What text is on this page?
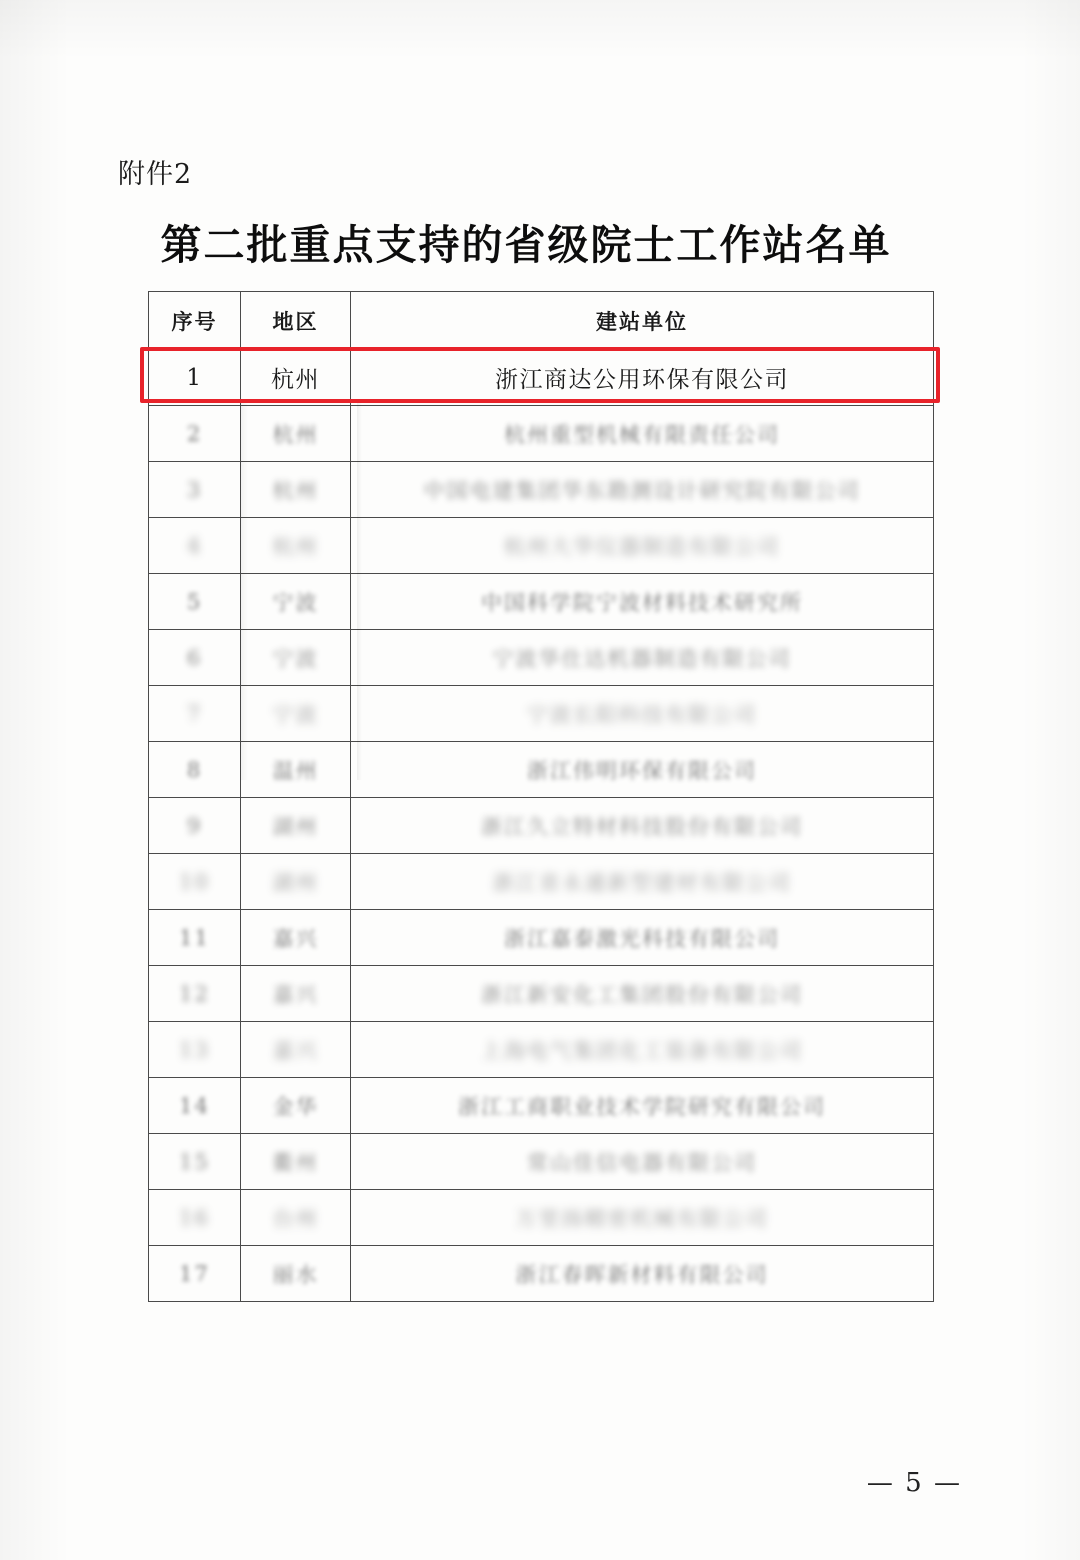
附件2
第二批重点支持的省级院士工作站名单
序号	地区	建站单位
1	杭州	浙江商达公用环保有限公司
2	杭州	杭州重型机械有限责任公司
3	杭州	中国电建集团华东勘测设计研究院有限公司
4	杭州	杭州大华仪器制造有限公司
5	宁波	中国科学院宁波材料技术研究所
6	宁波	宁波华仕达机器制造有限公司
7	宁波	宁波长阳科技有限公司
8	温州	浙江伟明环保有限公司
9	湖州	浙江久立特材科技股份有限公司
10	湖州	浙江省永通新型建材有限公司
11	嘉兴	浙江嘉泰激光科技有限公司
12	嘉兴	浙江新安化工集团股份有限公司
13	嘉兴	上海电气集团化工装备有限公司
14	金华	浙江工商职业技术学院研究有限公司
15	衢州	常山佳信电器有限公司
16	台州	万里扬精密机械有限公司
17	丽水	浙江春晖新材料有限公司
— 5 —
